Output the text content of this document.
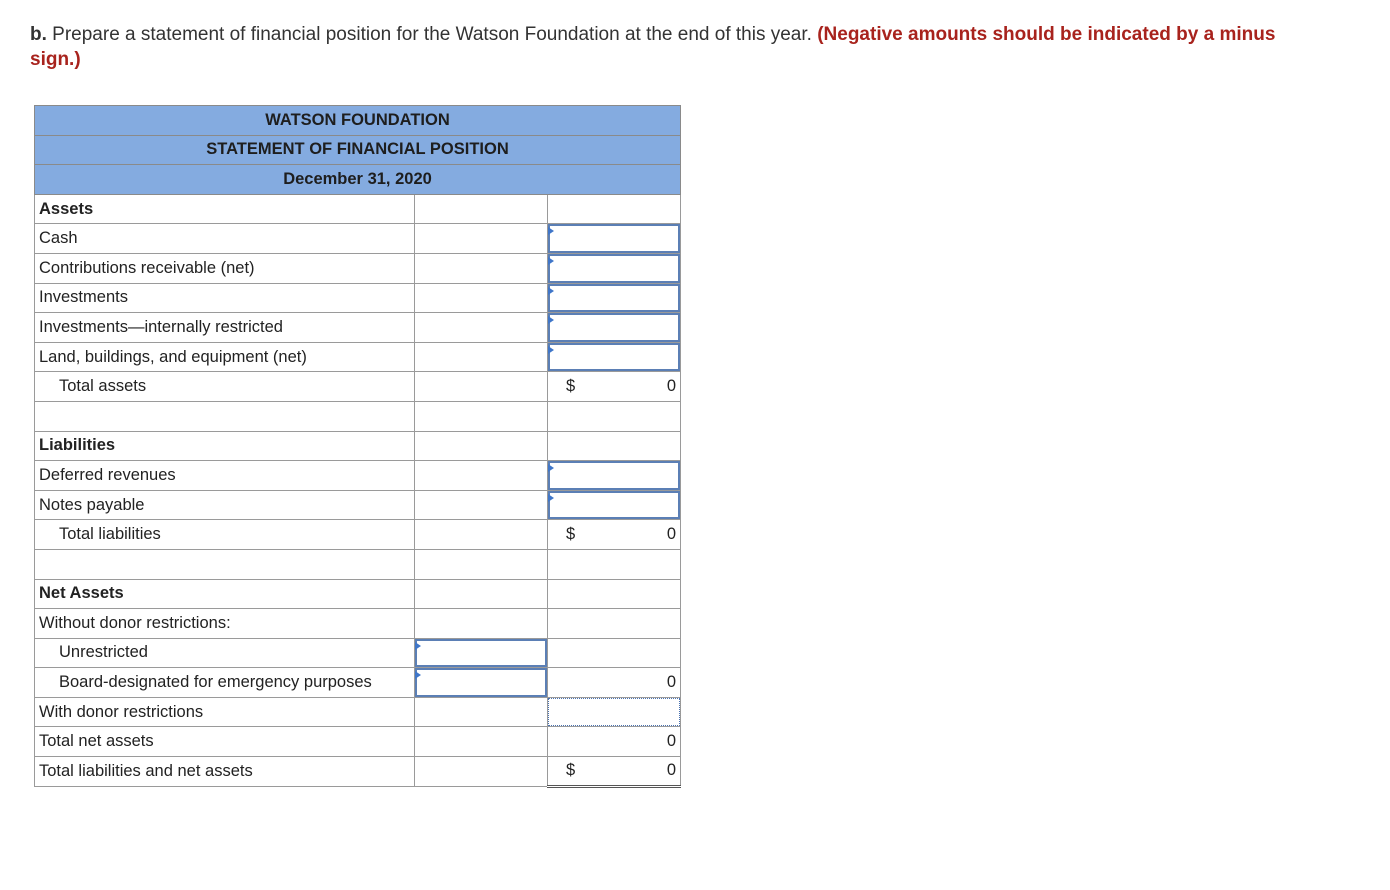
b. Prepare a statement of financial position for the Watson Foundation at the end of this year. (Negative amounts should be indicated by a minus sign.)
WATSON FOUNDATION		
STATEMENT OF FINANCIAL POSITION		
December 31, 2020		
Assets		
Cash		

Contributions receivable (net)		

Investments		

Investments—internally restricted		

Land, buildings, and equipment (net)		

Total assets		$ 0

Liabilities		
Deferred revenues		

Notes payable		

Total liabilities		$ 0

Net Assets		
Without donor restrictions:		
Unrestricted	

Board-designated for emergency purposes		0

With donor restrictions		

Total net assets		0

Total liabilities and net assets		$ 0
